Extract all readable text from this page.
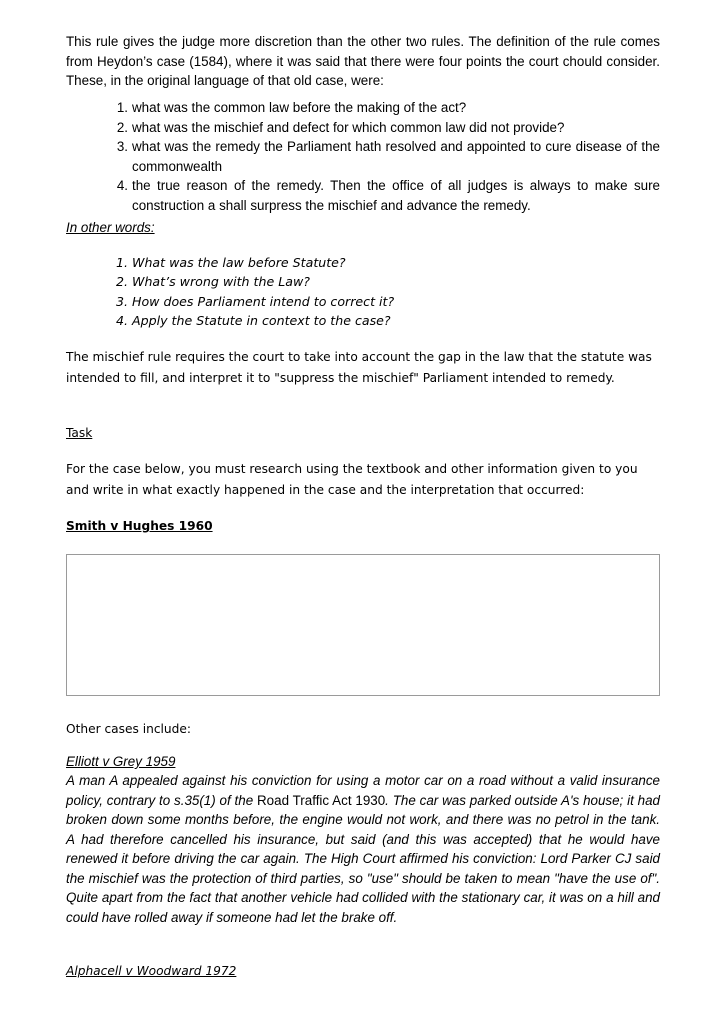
This rule gives the judge more discretion than the other two rules. The definition of the rule comes from Heydon’s case (1584), where it was said that there were four points the court chould consider. These, in the original language of that old case, were:

1. what was the common law before the making of the act?
2. what was the mischief and defect for which common law did not provide?
3. what was the remedy the Parliament hath resolved and appointed to cure disease of the commonwealth
4. the true reason of the remedy. Then the office of all judges is always to make sure construction a shall surpress the mischief and advance the remedy.

In other words:

1. What was the law before Statute?
2. What’s wrong with the Law?
3. How does Parliament intend to correct it?
4. Apply the Statute in context to the case?

The mischief rule requires the court to take into account the gap in the law that the statute was intended to fill, and interpret it to "suppress the mischief" Parliament intended to remedy.

Task

For the case below, you must research using the textbook and other information given to you and write in what exactly happened in the case and the interpretation that occurred:

Smith v Hughes 1960

Other cases include:

Elliott v Grey 1959

A man A appealed against his conviction for using a motor car on a road without a valid insurance policy, contrary to s.35(1) of the Road Traffic Act 1930. The car was parked outside A's house; it had broken down some months before, the engine would not work, and there was no petrol in the tank. A had therefore cancelled his insurance, but said (and this was accepted) that he would have renewed it before driving the car again. The High Court affirmed his conviction: Lord Parker CJ said the mischief was the protection of third parties, so "use" should be taken to mean "have the use of". Quite apart from the fact that another vehicle had collided with the stationary car, it was on a hill and could have rolled away if someone had let the brake off.

Alphacell v Woodward 1972
